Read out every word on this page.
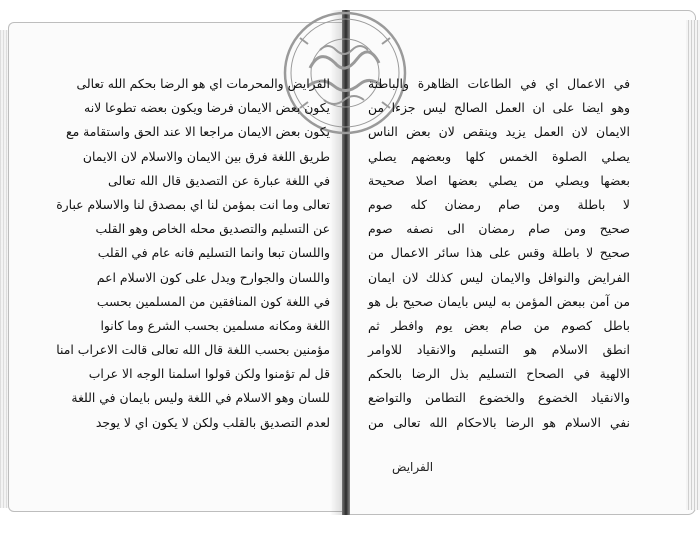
الفرايض والمحرمات اي هو الرضا بحكم الله تعالى
يكون بعض الايمان فرضا ويكون بعضه تطوعا لانه
يكون بعض الايمان مراجعا الا عند الحق واستقامة مع
طريق اللغة فرق بين الايمان والاسلام لان الايمان
في اللغة عبارة عن التصديق قال الله تعالى
تعالى وما انت بمؤمن لنا اي بمصدق لنا والاسلام عبارة
عن التسليم والتصديق محله الخاص وهو القلب
واللسان تبعا وانما التسليم فانه عام في القلب
واللسان والجوارح ويدل على كون الاسلام اعم
في اللغة كون المنافقين من المسلمين بحسب
اللغة ومكانه مسلمين بحسب الشرع وما كانوا
مؤمنين بحسب اللغة قال الله تعالى قالت الاعراب امنا
قل لم تؤمنوا ولكن قولوا اسلمنا الوجه الا عراب
للسان وهو الاسلام في اللغة وليس بايمان في اللغة
لعدم التصديق بالقلب ولكن لا يكون اي لا يوجد
في الاعمال اي في الطاعات الظاهرة والباطنة
وهو ايضا على ان العمل الصالح ليس جزءا من
الايمان لان العمل يزيد وينقص لان بعض الناس
يصلي الصلوة الخمس كلها وبعضهم يصلي
بعضها ويصلي من يصلي بعضها اصلا صحيحة
لا باطلة ومن صام رمضان كله صوم
صحيح ومن صام رمضان الى نصفه صوم
صحيح لا باطلة وقس على هذا سائر الاعمال من
الفرايض والنوافل والايمان ليس كذلك لان ايمان
من آمن ببعض المؤمن به ليس بايمان صحيح بل هو
باطل كصوم من صام بعض يوم وافطر ثم
انطق الاسلام هو التسليم والانقياد للاوامر
الالهية في الصحاح التسليم بذل الرضا بالحكم
والانقياد الخضوع والخضوع التطامن والتواضع
نفي الاسلام هو الرضا بالاحكام الله تعالى من
الفرايض
